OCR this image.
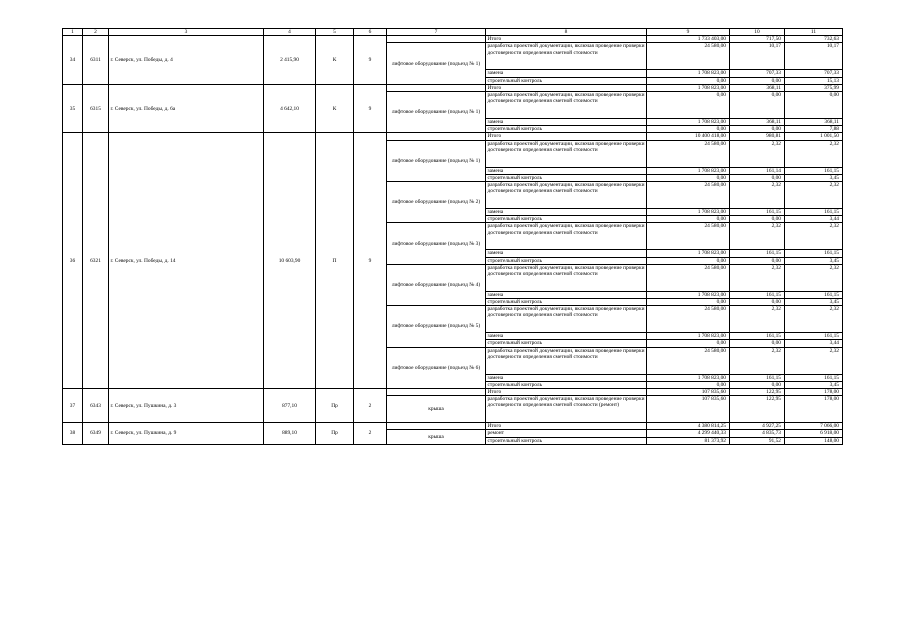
1	2	3	4	5	6	7	8	9	10	11
34	6311	г. Северск, ул. Победы, д. 4	2 415,90	К	9		Итого	1 733 403,00	717,50	732,63
						лифтовое оборудование (подъезд № 1)	разработка проектной документации, включая проведение проверки достоверности определения сметной стоимости	24 580,00	10,17	10,17
							замена	1 708 823,00	707,33	707,33
							строительный контроль	0,00	0,00	15,13
35	6315	г. Северск, ул. Победы, д. 6а	4 642,10	К	9		Итого	1 708 823,00	368,11	375,99
						лифтовое оборудование (подъезд № 1)	разработка проектной документации, включая проведение проверки достоверности определения сметной стоимости	0,00	0,00	0,00
							замена	1 708 823,00	368,11	368,11
							строительный контроль	0,00	0,00	7,88
36	6321	г. Северск, ул. Победы, д. 14	10 603,90	П	9		Итого	10 400 418,00	980,81	1 001,50
						лифтовое оборудование (подъезд № 1)	разработка проектной документации, включая проведение проверки достоверности определения сметной стоимости	24 580,00	2,32	2,32
							замена	1 708 823,00	161,14	161,15
							строительный контроль	0,00	0,00	3,45
						лифтовое оборудование (подъезд № 2)	разработка проектной документации, включая проведение проверки достоверности определения сметной стоимости	24 580,00	2,32	2,32
							замена	1 708 823,00	161,15	161,15
							строительный контроль	0,00	0,00	3,44
						лифтовое оборудование (подъезд № 3)	разработка проектной документации, включая проведение проверки достоверности определения сметной стоимости	24 580,00	2,32	2,32
							замена	1 708 823,00	161,15	161,15
							строительный контроль	0,00	0,00	3,45
						лифтовое оборудование (подъезд № 4)	разработка проектной документации, включая проведение проверки достоверности определения сметной стоимости	24 580,00	2,32	2,32
							замена	1 708 823,00	161,15	161,15
							строительный контроль	0,00	0,00	3,45
						лифтовое оборудование (подъезд № 5)	разработка проектной документации, включая проведение проверки достоверности определения сметной стоимости	24 580,00	2,32	2,32
							замена	1 708 823,00	161,15	161,15
							строительный контроль	0,00	0,00	3,44
						лифтовое оборудование (подъезд № 6)	разработка проектной документации, включая проведение проверки достоверности определения сметной стоимости	24 580,00	2,32	2,32
							замена	1 708 823,00	161,15	161,15
							строительный контроль	0,00	0,00	3,45
37	6343	г. Северск, ул. Пушкина, д. 3	877,10	Пр	2		Итого	107 835,60	122,95	178,00
						крыша	разработка проектной документации, включая проведение проверки достоверности определения сметной стоимости (ремонт)	107 835,60	122,95	178,00
38	6349	г. Северск, ул. Пушкина, д. 9	889,10	Пр	2		Итого	4 380 814,25	4 927,25	7 066,00
						крыша	ремонт	4 299 440,33	4 835,73	6 918,00
							строительный контроль	81 373,92	91,52	148,00
